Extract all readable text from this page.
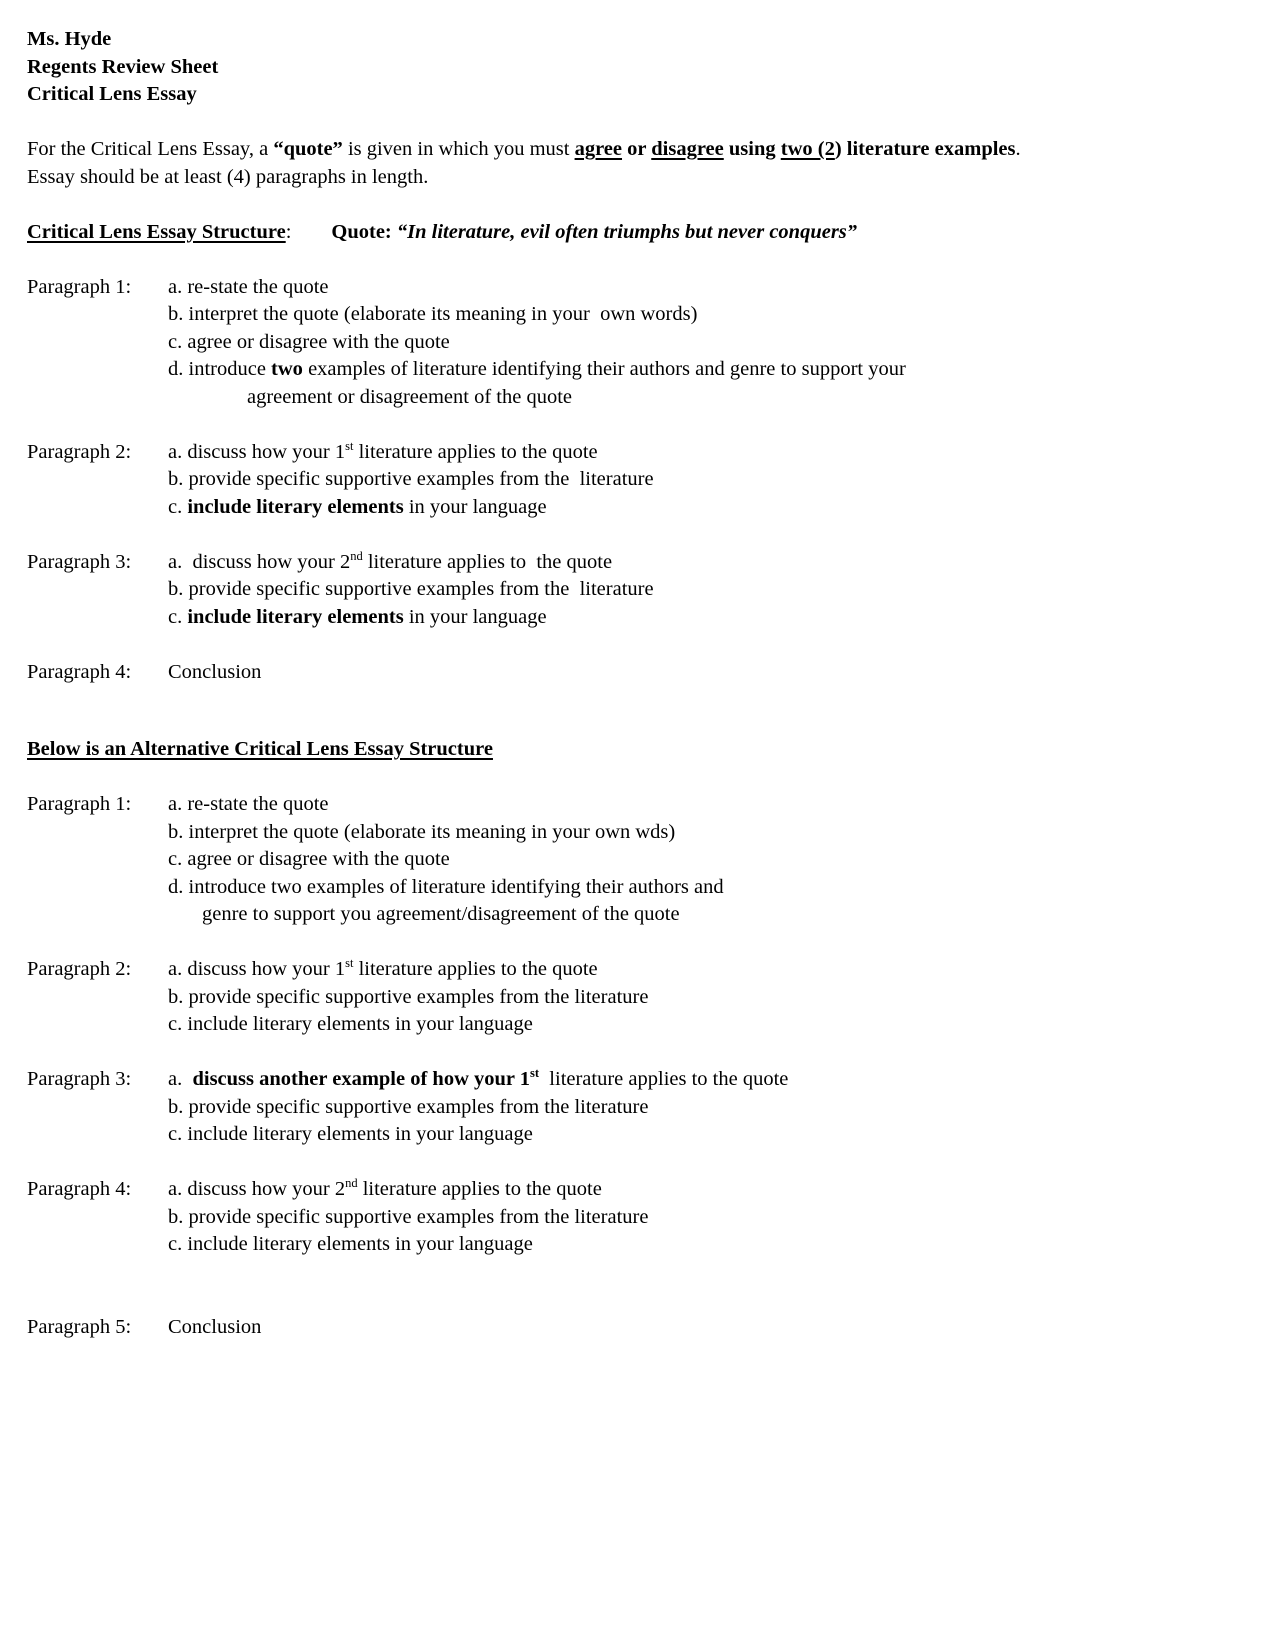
Ms. Hyde
Regents Review Sheet
Critical Lens Essay
For the Critical Lens Essay, a “quote” is given in which you must agree or disagree using two (2) literature examples.
Essay should be at least (4) paragraphs in length.
Critical Lens Essay Structure: Quote: “In literature, evil often triumphs but never conquers”
Paragraph 1:	a. re-state the quote
b. interpret the quote (elaborate its meaning in your  own words)
c. agree or disagree with the quote
d. introduce two examples of literature identifying their authors and genre to support your
agreement or disagreement of the quote
Paragraph 2:	a. discuss how your 1st literature applies to the quote
b. provide specific supportive examples from the  literature
c. include literary elements in your language
Paragraph 3:	a.  discuss how your 2nd literature applies to  the quote
b. provide specific supportive examples from the  literature
c. include literary elements in your language
Paragraph 4:	Conclusion
Below is an Alternative Critical Lens Essay Structure
Paragraph 1:	a. re-state the quote
b. interpret the quote (elaborate its meaning in your own wds)
c. agree or disagree with the quote
d. introduce two examples of literature identifying their authors and
genre to support you agreement/disagreement of the quote
Paragraph 2:	a. discuss how your 1st literature applies to the quote
b. provide specific supportive examples from the literature
c. include literary elements in your language
Paragraph 3:	a.  discuss another example of how your 1st  literature applies to the quote
b. provide specific supportive examples from the literature
c. include literary elements in your language
Paragraph 4:	a. discuss how your 2nd literature applies to the quote
b. provide specific supportive examples from the literature
c. include literary elements in your language
Paragraph 5:	Conclusion
